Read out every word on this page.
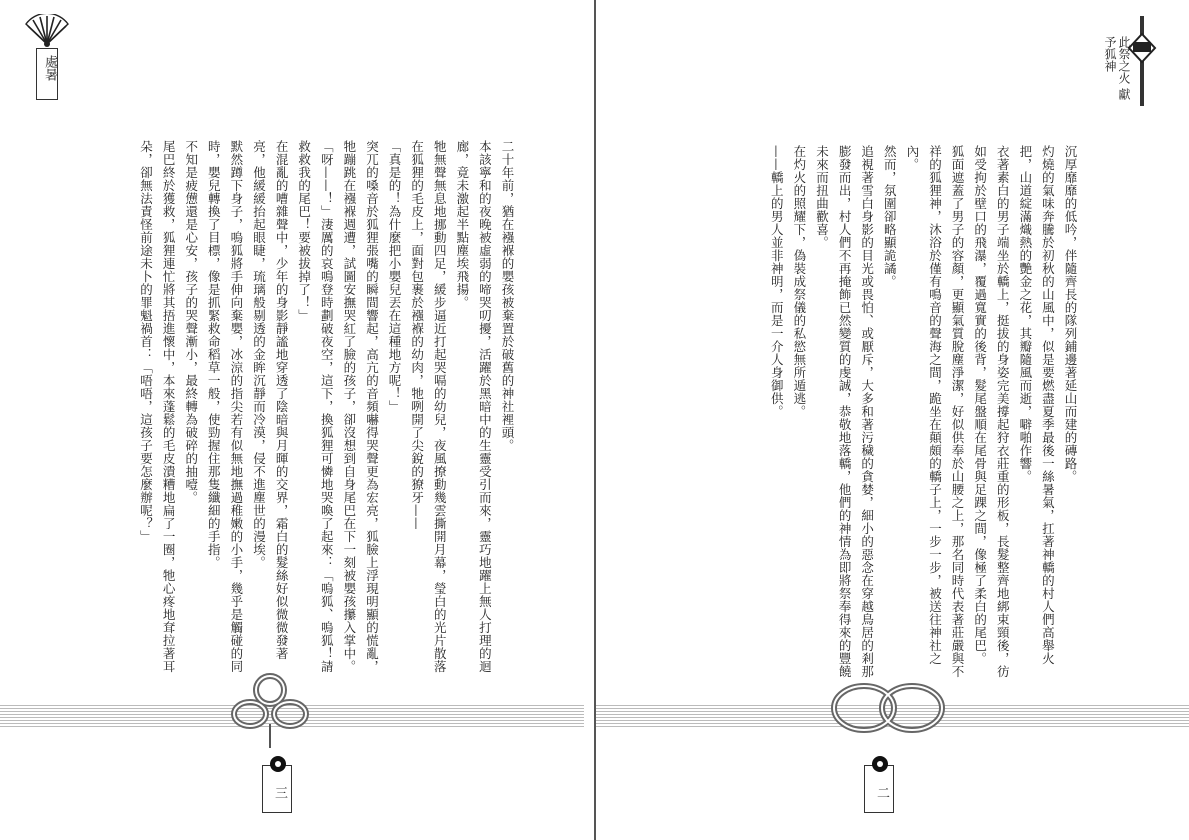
處暑
二十年前，猶在襁褓的嬰孩被棄置於破舊的神社裡頭。
本該寧和的夜晚被虛弱的啼哭叨擾，活躍於黑暗中的生靈受引而來，靈巧地躍上無人打理的迴廊，竟未激起半點塵埃飛揚。
牠無聲無息地挪動四足，緩步逼近打起哭嗝的幼兒，夜風撩動幾雲撕開月幕，瑩白的光片散落在狐狸的毛皮上，面對包裹於襁褓的幼肉，牠咧開了尖銳的獠牙——
「真是的！為什麼把小嬰兒丟在這種地方呢！」
突兀的嗓音於狐狸張嘴的瞬間響起，高亢的音頻嚇得哭聲更為宏亮，狐臉上浮現明顯的慌亂，牠蹦跳在襁褓週遭，試圖安撫哭紅了臉的孩子，卻沒想到自身尾巴在下一刻被嬰孩攥入掌中。
「呀——！」淒厲的哀鳴登時劃破夜空，這下，換狐狸可憐地哭喚了起來：「嗚狐、嗚狐！請救救我的尾巴！要被拔掉了！」
在混亂的嘈雜聲中，少年的身影靜謐地穿透了陰暗與月暉的交界，霜白的髮絲好似微微發著亮，他緩緩抬起眼睫，琉璃般剔透的金眸沉靜而冷漠，侵不進塵世的漫埃。
默然蹲下身子，嗚狐將手伸向棄嬰，冰涼的指尖若有似無地撫過稚嫩的小手，幾乎是觸碰的同時，嬰兒轉換了目標，像是抓緊救命稻草一般，使勁握住那隻纖細的手指。
不知是疲憊還是心安，孩子的哭聲漸小，最終轉為破碎的抽噎。
尾巴終於獲救，狐狸連忙將其捂進懷中，本來蓬鬆的毛皮潰糟地扁了一圈，牠心疼地耷拉著耳朵，卻無法責怪前途未卜的罪魁禍首：「唔唔，這孩子要怎麼辦呢？」
三
此祭之火 獻予狐神
沉厚靡靡的低吟，伴隨齊長的隊列鋪邊著延山而建的磚路。
灼燒的氣味奔騰於初秋的山風中，似是要燃盡夏季最後一絲暑氣，扛著神轎的村人們高舉火把，山道綻滿熾熱的艷金之花，其瓣隨風而逝，噼啪作響。
衣著素白的男子端坐於轎上，挺拔的身姿完美撐起狩衣莊重的形板，長髮整齊地綁束頸後，彷如受拘於壁口的飛瀑，覆過寬實的後背，髮尾盤順在尾骨與足踝之間，像極了柔白的尾巴。
狐面遮蓋了男子的容顏，更顯氣質脫塵淨潔，好似供奉於山腰之上，那名同時代表著莊嚴與不祥的狐狸神，沐浴於僅有鳴音的聲海之間，跪坐在顛頗的轎子上，一步一步，被送往神社之內。
然而，氛圍卻略顯詭譎。
追視著雪白身影的目光或畏怕、或厭斥，大多和著污穢的貪婪，細小的惡念在穿越鳥居的剎那膨發而出，村人們不再掩飾已然變質的虔誠，恭敬地落轎，他們的神情為即將祭奉得來的豐饒未來而扭曲歡喜。
在灼火的照耀下，偽裝成祭儀的私慾無所遁逃。
——轎上的男人並非神明，而是一介人身御供。
二
